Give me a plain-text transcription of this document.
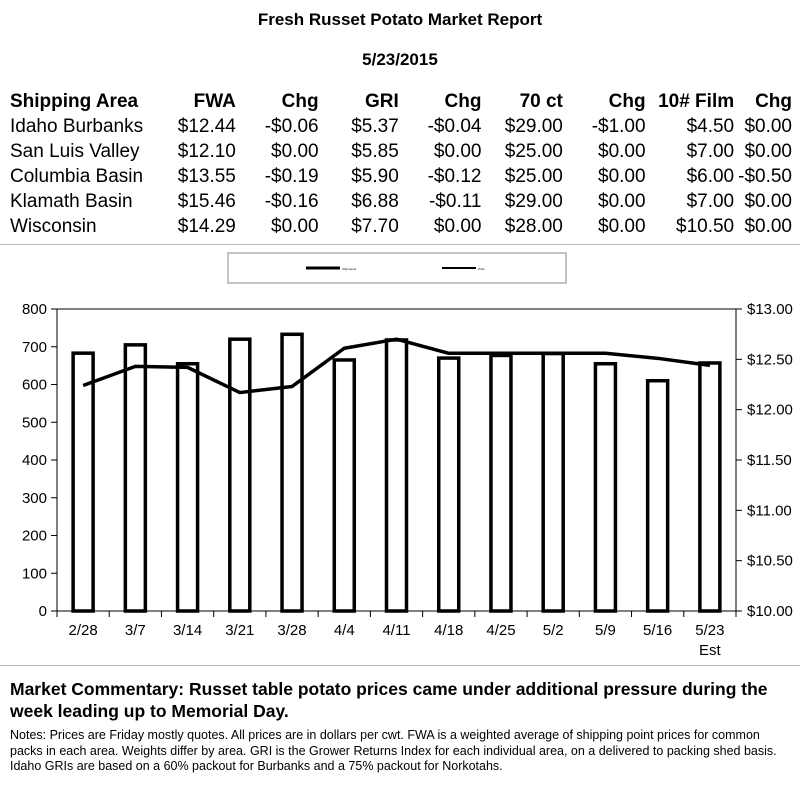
Fresh Russet Potato Market Report
5/23/2015
Shipping Area	FWA	Chg	GRI	Chg	70 ct	Chg	10# Film	Chg
Idaho Burbanks	$12.44	-$0.06	$5.37	-$0.04	$29.00	-$1.00	$4.50	$0.00
San Luis Valley	$12.10	$0.00	$5.85	$0.00	$25.00	$0.00	$7.00	$0.00
Columbia Basin	$13.55	-$0.19	$5.90	-$0.12	$25.00	$0.00	$6.00	-$0.50
Klamath Basin	$15.46	-$0.16	$6.88	-$0.11	$29.00	$0.00	$7.00	$0.00
Wisconsin	$14.29	$0.00	$7.70	$0.00	$28.00	$0.00	$10.50	$0.00
Shipments	Price
0
100
200
300
400
500
600
700
800
$10.00
$10.50
$11.00
$11.50
$12.00
$12.50
$13.00
2/28 3/7 3/14 3/21 3/28 4/4 4/11 4/18 4/25 5/2 5/9 5/16 5/23
Est
Market Commentary: Russet table potato prices came under additional pressure during the week leading up to Memorial Day.
Notes: Prices are Friday mostly quotes. All prices are in dollars per cwt. FWA is a weighted average of shipping point prices for common packs in each area. Weights differ by area. GRI is the Grower Returns Index for each individual area, on a delivered to packing shed basis. Idaho GRIs are based on a 60% packout for Burbanks and a 75% packout for Norkotahs.
